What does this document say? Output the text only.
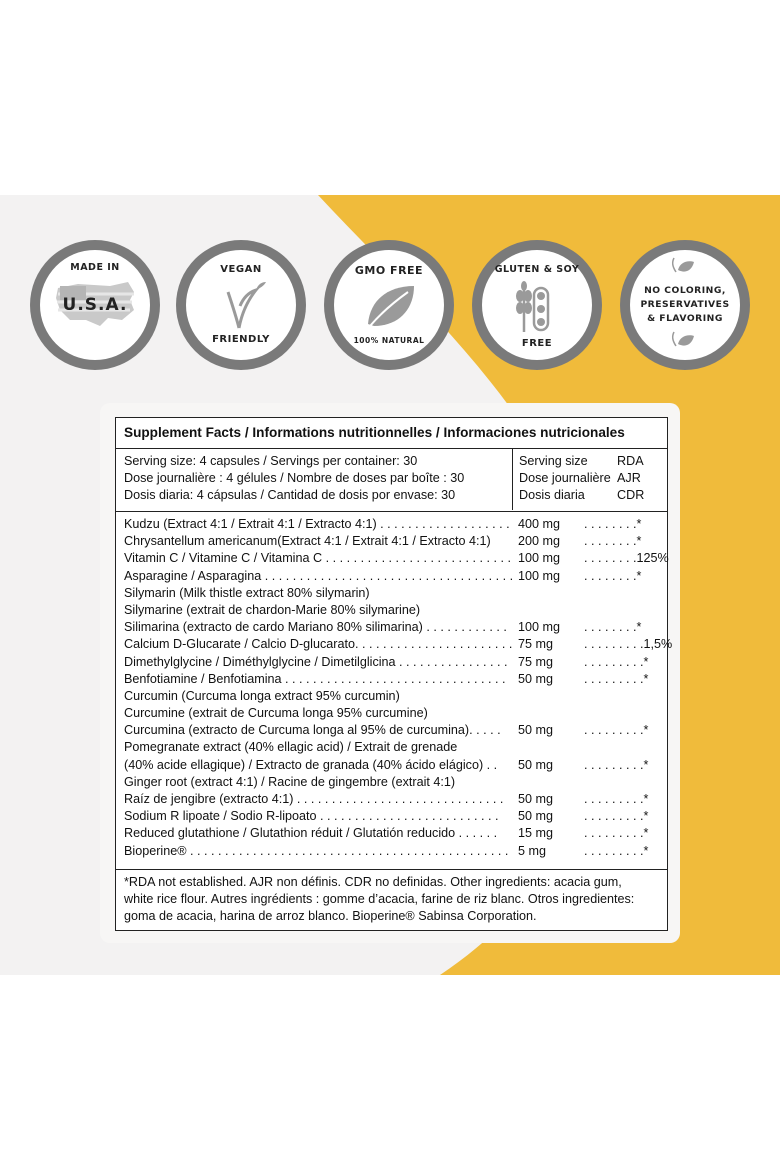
MADE IN
U.S.A.
VEGAN
FRIENDLY
GMO FREE
100% NATURAL
GLUTEN & SOY
FREE
NO COLORING,
PRESERVATIVES
& FLAVORING
Supplement Facts / Informations nutritionnelles / Informaciones nutricionales
Serving size: 4 capsules / Servings per container: 30
Dose journalière : 4 gélules / Nombre de doses par boîte : 30
Dosis diaria: 4 cápsulas / Cantidad de dosis por envase: 30
Serving size	RDA
Dose journalière AJR
Dosis diaria	CDR
Kudzu (Extract 4:1 / Extrait 4:1 / Extracto 4:1) . . . . . . . . . . . . . . . . . . . 400 mg . . . . . . . .*
Chrysantellum americanum(Extract 4:1 / Extrait 4:1 / Extracto 4:1) 200 mg . . . . . . . .*
Vitamin C / Vitamine C / Vitamina C . . . . . . . . . . . . . . . . . . . . . . . . . . . 100 mg . . . . . . . .125%
Asparagine / Asparagina . . . . . . . . . . . . . . . . . . . . . . . . . . . . . . . . . . . . 100 mg . . . . . . . .*
Silymarin (Milk thistle extract 80% silymarin)
Silymarine (extrait de chardon-Marie 80% silymarine)
Silimarina (extracto de cardo Mariano 80% silimarina) . . . . . . . . . . . . 100 mg . . . . . . . .*
Calcium D-Glucarate / Calcio D-glucarato. . . . . . . . . . . . . . . . . . . . . . . 75 mg . . . . . . . . .1,5%
Dimethylglycine / Diméthylglycine / Dimetilglicina . . . . . . . . . . . . . . . . 75 mg . . . . . . . . .*
Benfotiamine / Benfotiamina . . . . . . . . . . . . . . . . . . . . . . . . . . . . . . . . 50 mg . . . . . . . . .*
Curcumin (Curcuma longa extract 95% curcumin)
Curcumine (extrait de Curcuma longa 95% curcumine)
Curcumina (extracto de Curcuma longa al 95% de curcumina). . . . . 50 mg . . . . . . . . .*
Pomegranate extract (40% ellagic acid) / Extrait de grenade
(40% acide ellagique) / Extracto de granada (40% ácido elágico) . . 50 mg . . . . . . . . .*
Ginger root (extract 4:1) / Racine de gingembre (extrait 4:1)
Raíz de jengibre (extracto 4:1) . . . . . . . . . . . . . . . . . . . . . . . . . . . . . . 50 mg . . . . . . . . .*
Sodium R lipoate / Sodio R-lipoato . . . . . . . . . . . . . . . . . . . . . . . . . . 50 mg . . . . . . . . .*
Reduced glutathione / Glutathion réduit / Glutatión reducido . . . . . . 15 mg . . . . . . . . .*
Bioperine® . . . . . . . . . . . . . . . . . . . . . . . . . . . . . . . . . . . . . . . . . . . . . . 5 mg	. . . . . . . . .*
*RDA not established. AJR non définis. CDR no definidas. Other ingredients: acacia gum,
white rice flour. Autres ingrédients : gomme d’acacia, farine de riz blanc. Otros ingredientes:
goma de acacia, harina de arroz blanco. Bioperine® Sabinsa Corporation.
